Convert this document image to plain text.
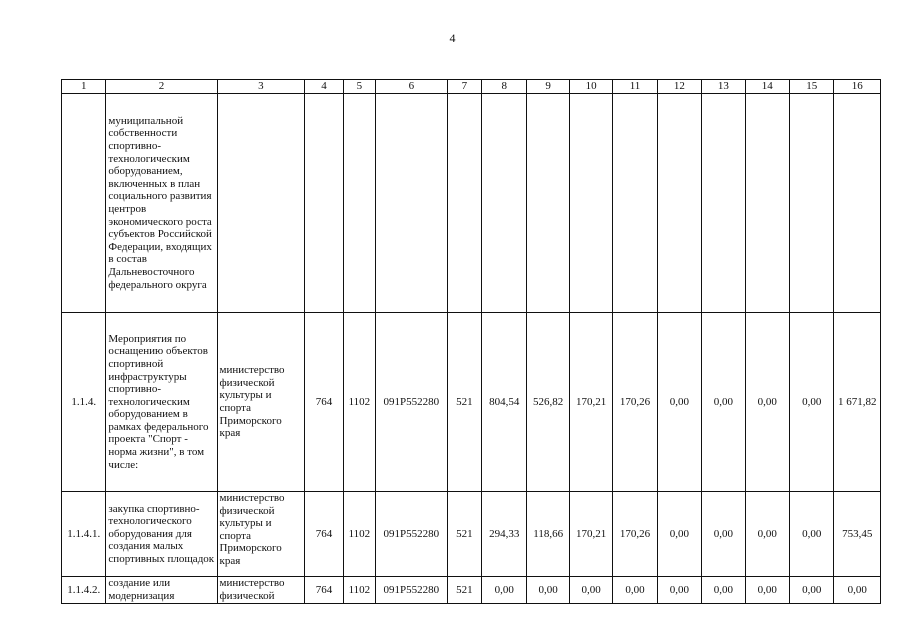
4
1	2	3	4	5	6	7	8	9	10	11	12	13	14	15	16
	муниципальной собственности спортивно-технологическим оборудованием, включенных в план социального развития центров экономического роста субъектов Российской Федерации, входящих в состав Дальневосточного федерального округа														
1.1.4.	Мероприятия по оснащению объектов спортивной инфраструктуры спортивно-технологическим оборудованием в рамках федерального проекта "Спорт - норма жизни", в том числе:	министерство физической культуры и спорта Приморского края	764	1102	091P552280	521	804,54	526,82	170,21	170,26	0,00	0,00	0,00	0,00	1 671,82
1.1.4.1.	закупка спортивно-технологического оборудования для создания малых спортивных площадок	министерство физической культуры и спорта Приморского края	764	1102	091P552280	521	294,33	118,66	170,21	170,26	0,00	0,00	0,00	0,00	753,45
1.1.4.2.	создание или модернизация	министерство физической	764	1102	091P552280	521	0,00	0,00	0,00	0,00	0,00	0,00	0,00	0,00	0,00
